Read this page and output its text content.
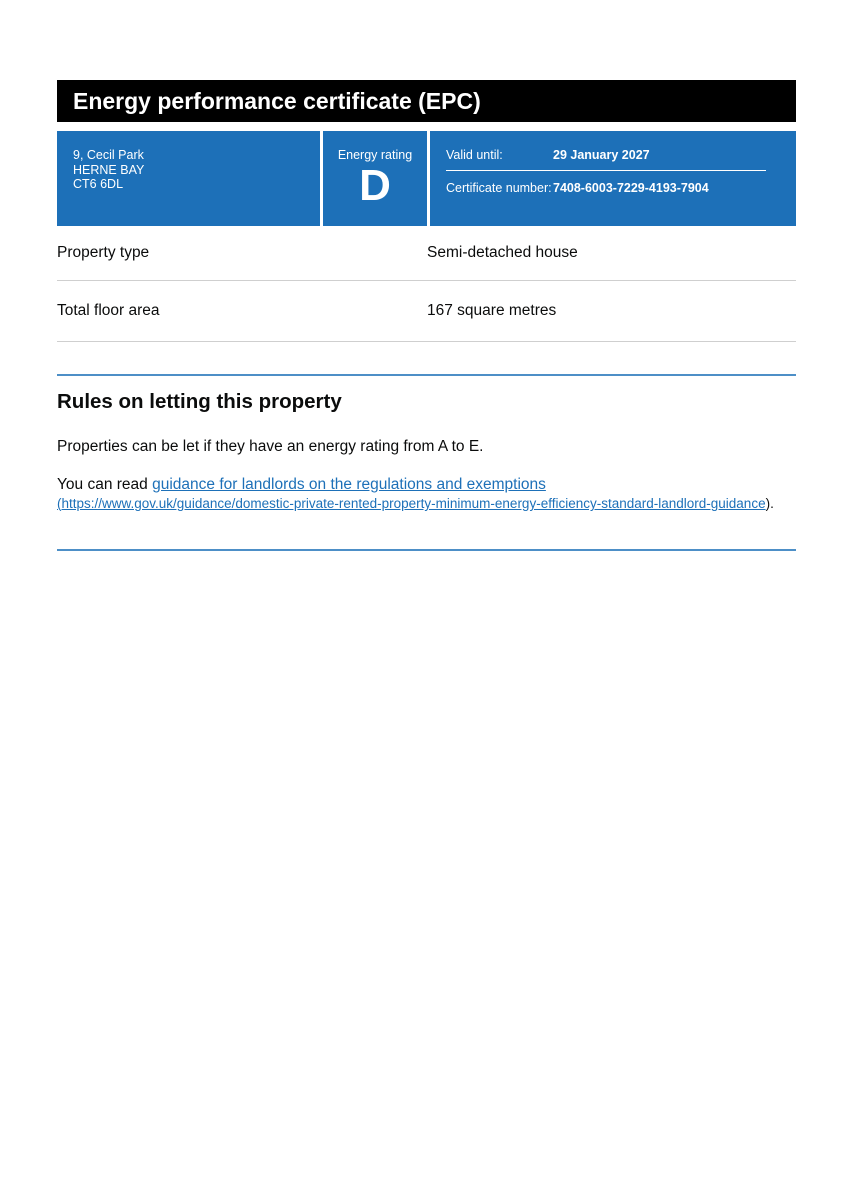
Energy performance certificate (EPC)
9, Cecil Park
HERNE BAY
CT6 6DL
Energy rating
D
Valid until:	29 January 2027
Certificate number: 7408-6003-7229-4193-7904
Property type	Semi-detached house
Total floor area	167 square metres
Rules on letting this property

Properties can be let if they have an energy rating from A to E.

You can read guidance for landlords on the regulations and exemptions
(https://www.gov.uk/guidance/domestic-private-rented-property-minimum-energy-efficiency-standard-landlord-guidance).
